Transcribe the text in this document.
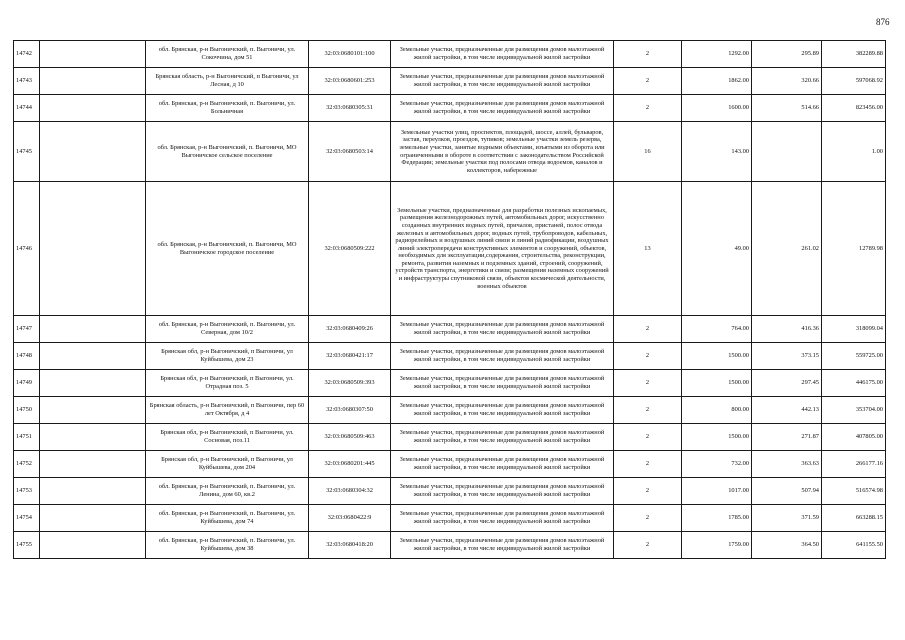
876
14742		обл. Брянская, р-н Выгоничский, п. Выгоничи, ул. Сокоччина, дом 51	32:03:0680101:100	Земельные участки, предназначенные для размещения домов малоэтажной жилой застройки, в том числе индивидуальной жилой застройки	2	1292.00	295.89	382289.88
14743		Брянская область, р-н Выгоничский, п Выгоничи, ул Лесная, д 10	32:03:0680601:253	Земельные участки, предназначенные для размещения домов малоэтажной жилой застройки, в том числе индивидуальной жилой застройки	2	1862.00	320.66	597068.92
14744		обл. Брянская, р-н Выгоничский, п. Выгоничи, ул. Больничная	32:03:0680305:31	Земельные участки, предназначенные для размещения домов малоэтажной жилой застройки, в том числе индивидуальной жилой застройки	2	1600.00	514.66	823456.00
14745		обл. Брянская, р-н Выгоничский, п. Выгоничи, МО Выгоничское сельское поселение	32:03:0680503:14	Земельные участки улиц, проспектов, площадей, шоссе, аллей, бульваров, застав, переулков, проездов, тупиков; земельные участки земель резерва, земельные участки, занятые водными объектами, изъятыми из оборота или ограниченными в обороте в соответствии с законодательством Российской Федерации; земельные участки под полосами отвода водоемов, каналов и коллекторов, набережные	16	143.00		1.00
14746		обл. Брянская, р-н Выгоничский, п. Выгоничи, МО Выгоничское городское поселение	32:03:0680509:222	Земельные участки, предназначенные для разработки полезных ископаемых, размещения железнодорожных путей, автомобильных дорог, искусственно созданных внутренних водных путей, причалов, пристаней, полос отвода железных и автомобильных дорог, водных путей, трубопроводов, кабельных, радиорелейных и воздушных линий связи и линий радиофикации, воздушных линий электропередачи конструктивных элементов и сооружений, объектов, необходимых для эксплуатации,содержания, строительства, реконструкции, ремонта, развития наземных и подземных зданий, строений, сооружений, устройств транспорта, энергетики и связи; размещения наземных сооружений и инфраструктуры спутниковой связи, объектов космической деятельности, военных объектов	13	49.00	261.02	12789.98
14747		обл. Брянская, р-н Выгоничский, п. Выгоничи, ул. Северная, дом 10/2	32:03:0680409:26	Земельные участки, предназначенные для размещения домов малоэтажной жилой застройки, в том числе индивидуальной жилой застройки	2	764.00	416.36	318099.04
14748		Брянская обл, р-н Выгоничский, п Выгоничи, ул Куйбышева, дом 23	32:03:0680421:17	Земельные участки, предназначенные для размещения домов малоэтажной жилой застройки, в том числе индивидуальной жилой застройки	2	1500.00	373.15	559725.00
14749		Брянская обл, р-н Выгоничский, п Выгоничи, ул. Отрадная поз. 5	32:03:0680509:393	Земельные участки, предназначенные для размещения домов малоэтажной жилой застройки, в том числе индивидуальной жилой застройки	2	1500.00	297.45	446175.00
14750		Брянская область, р-н Выгоничский, п Выгоничи, пер 60 лет Октября, д 4	32:03:0680307:50	Земельные участки, предназначенные для размещения домов малоэтажной жилой застройки, в том числе индивидуальной жилой застройки	2	800.00	442.13	353704.00
14751		Брянская обл, р-н Выгоничский, п Выгоничи, ул. Сосновая, поз.11	32:03:0680509:463	Земельные участки, предназначенные для размещения домов малоэтажной жилой застройки, в том числе индивидуальной жилой застройки	2	1500.00	271.87	407805.00
14752		Брянская обл, р-н Выгоничский, п Выгоничи, ул Куйбышева, дом 204	32:03:0680201:445	Земельные участки, предназначенные для размещения домов малоэтажной жилой застройки, в том числе индивидуальной жилой застройки	2	732.00	363.63	266177.16
14753		обл. Брянская, р-н Выгоничский, п. Выгоничи, ул. Ленина, дом 60, кв.2	32:03:0680304:32	Земельные участки, предназначенные для размещения домов малоэтажной жилой застройки, в том числе индивидуальной жилой застройки	2	1017.00	507.94	516574.98
14754		обл. Брянская, р-н Выгоничский, п. Выгоничи, ул. Куйбышева, дом 74	32:03:0680422:9	Земельные участки, предназначенные для размещения домов малоэтажной жилой застройки, в том числе индивидуальной жилой застройки	2	1785.00	371.59	663288.15
14755		обл. Брянская, р-н Выгоничский, п. Выгоничи, ул. Куйбышева, дом 38	32:03:0680418:20	Земельные участки, предназначенные для размещения домов малоэтажной жилой застройки, в том числе индивидуальной жилой застройки	2	1759.00	364.50	641155.50
